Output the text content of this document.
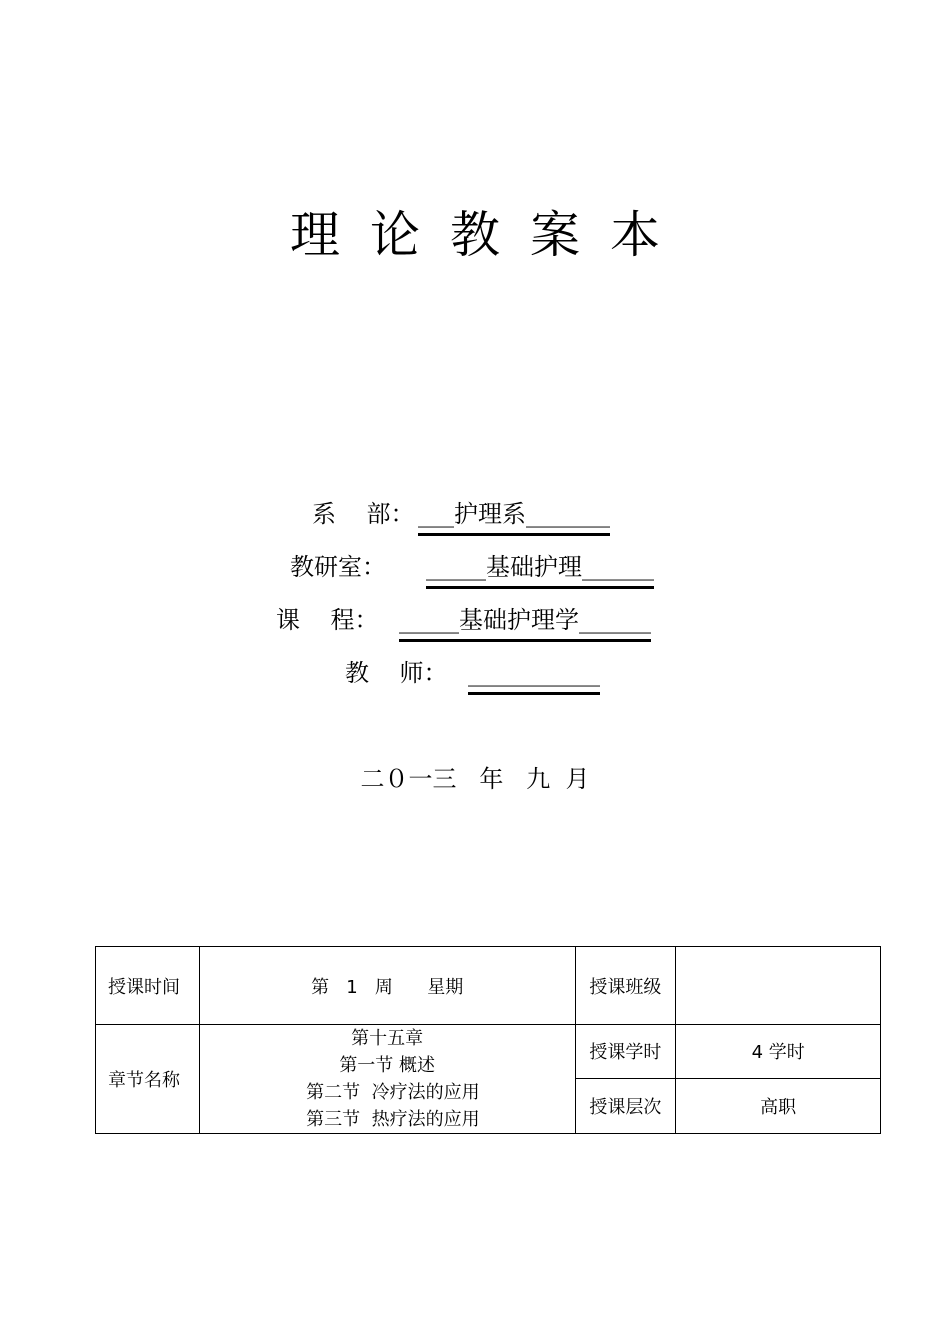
理论教案本
系    部： ___护理系_______
教研室： _____基础护理______
课    程： _____基础护理学______
教    师： ___________
二０一三   年   九  月
授课时间	第   1   周      星期	授课班级	
章节名称	第十五章
第一节 概述
第二节  冷疗法的应用
第三节  热疗法的应用	授课学时	4 学时
		授课层次	高职
